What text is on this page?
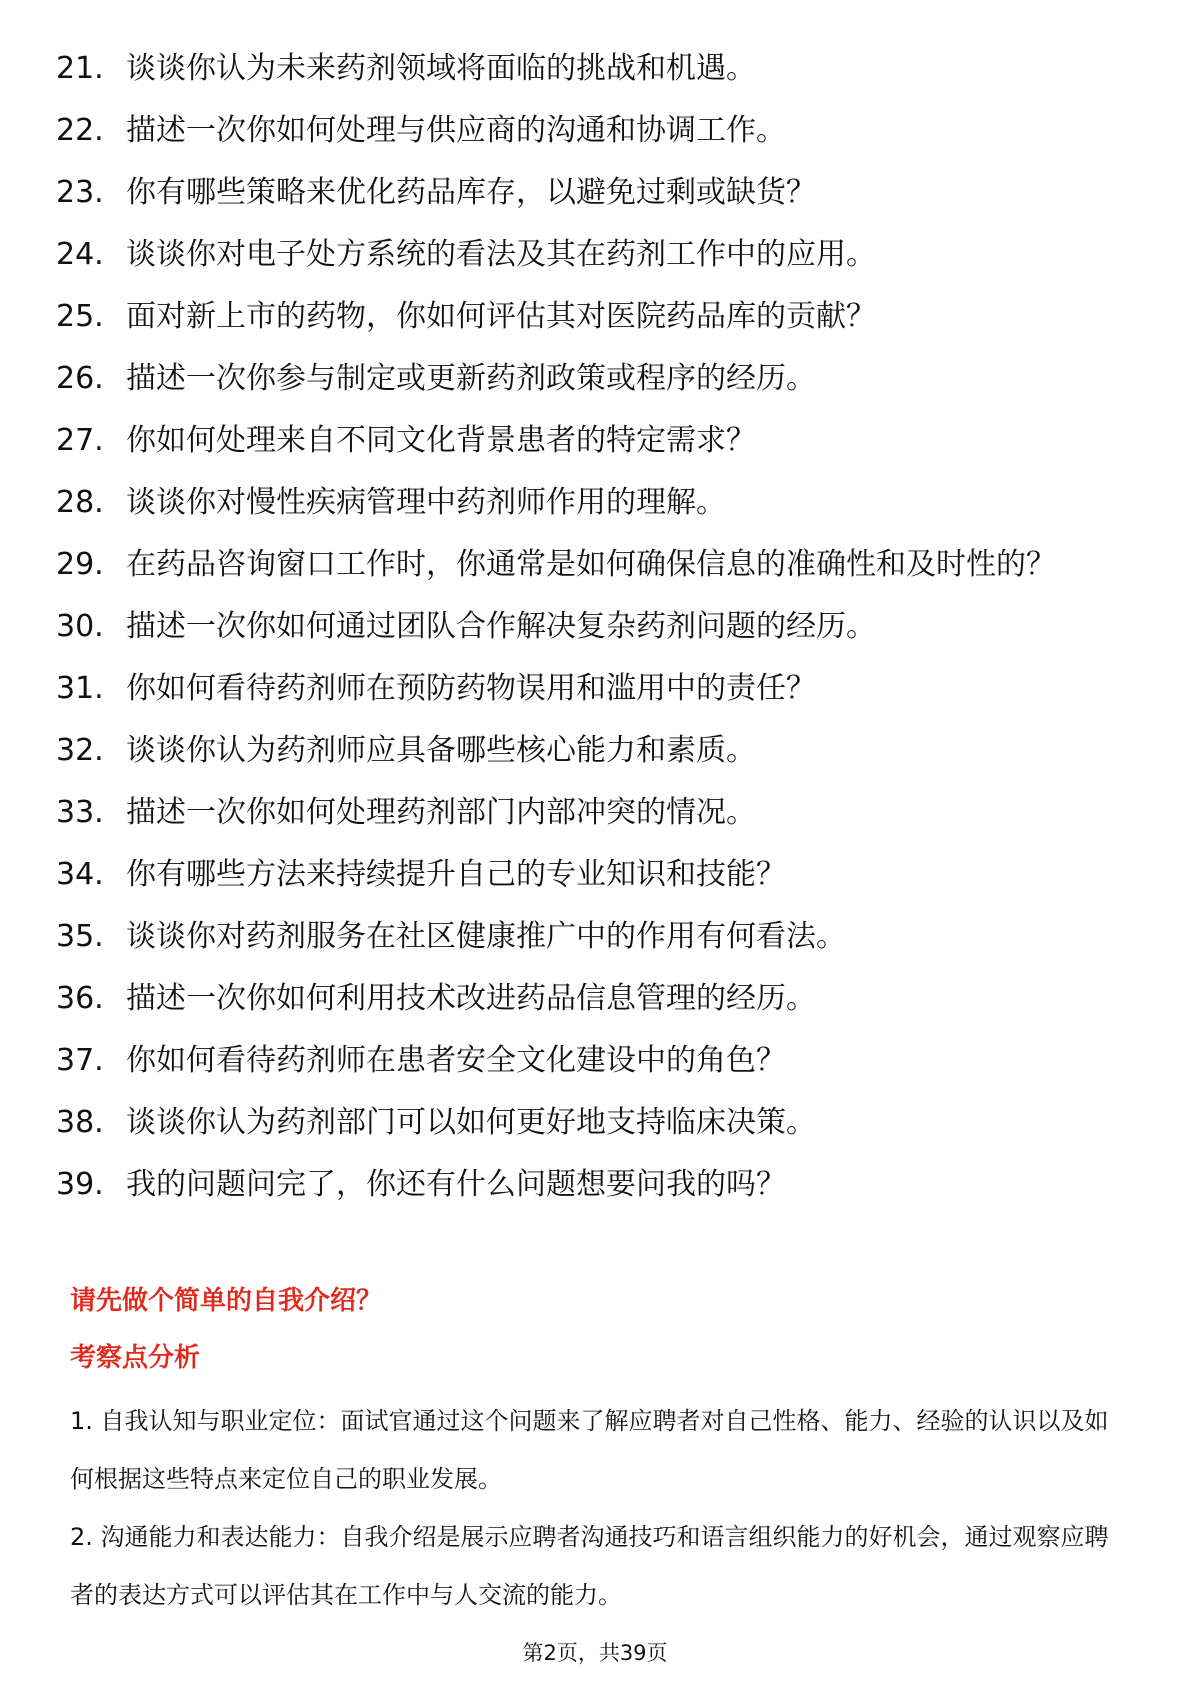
21. 谈谈你认为未来药剂领域将面临的挑战和机遇。
22. 描述一次你如何处理与供应商的沟通和协调工作。
23. 你有哪些策略来优化药品库存，以避免过剩或缺货？
24. 谈谈你对电子处方系统的看法及其在药剂工作中的应用。
25. 面对新上市的药物，你如何评估其对医院药品库的贡献？
26. 描述一次你参与制定或更新药剂政策或程序的经历。
27. 你如何处理来自不同文化背景患者的特定需求？
28. 谈谈你对慢性疾病管理中药剂师作用的理解。
29. 在药品咨询窗口工作时，你通常是如何确保信息的准确性和及时性的？
30. 描述一次你如何通过团队合作解决复杂药剂问题的经历。
31. 你如何看待药剂师在预防药物误用和滥用中的责任？
32. 谈谈你认为药剂师应具备哪些核心能力和素质。
33. 描述一次你如何处理药剂部门内部冲突的情况。
34. 你有哪些方法来持续提升自己的专业知识和技能？
35. 谈谈你对药剂服务在社区健康推广中的作用有何看法。
36. 描述一次你如何利用技术改进药品信息管理的经历。
37. 你如何看待药剂师在患者安全文化建设中的角色？
38. 谈谈你认为药剂部门可以如何更好地支持临床决策。
39. 我的问题问完了，你还有什么问题想要问我的吗？
请先做个简单的自我介绍？
考察点分析
1. 自我认知与职业定位：面试官通过这个问题来了解应聘者对自己性格、能力、经验的认识以及如何根据这些特点来定位自己的职业发展。
2. 沟通能力和表达能力：自我介绍是展示应聘者沟通技巧和语言组织能力的好机会，通过观察应聘者的表达方式可以评估其在工作中与人交流的能力。
第2页，共39页
